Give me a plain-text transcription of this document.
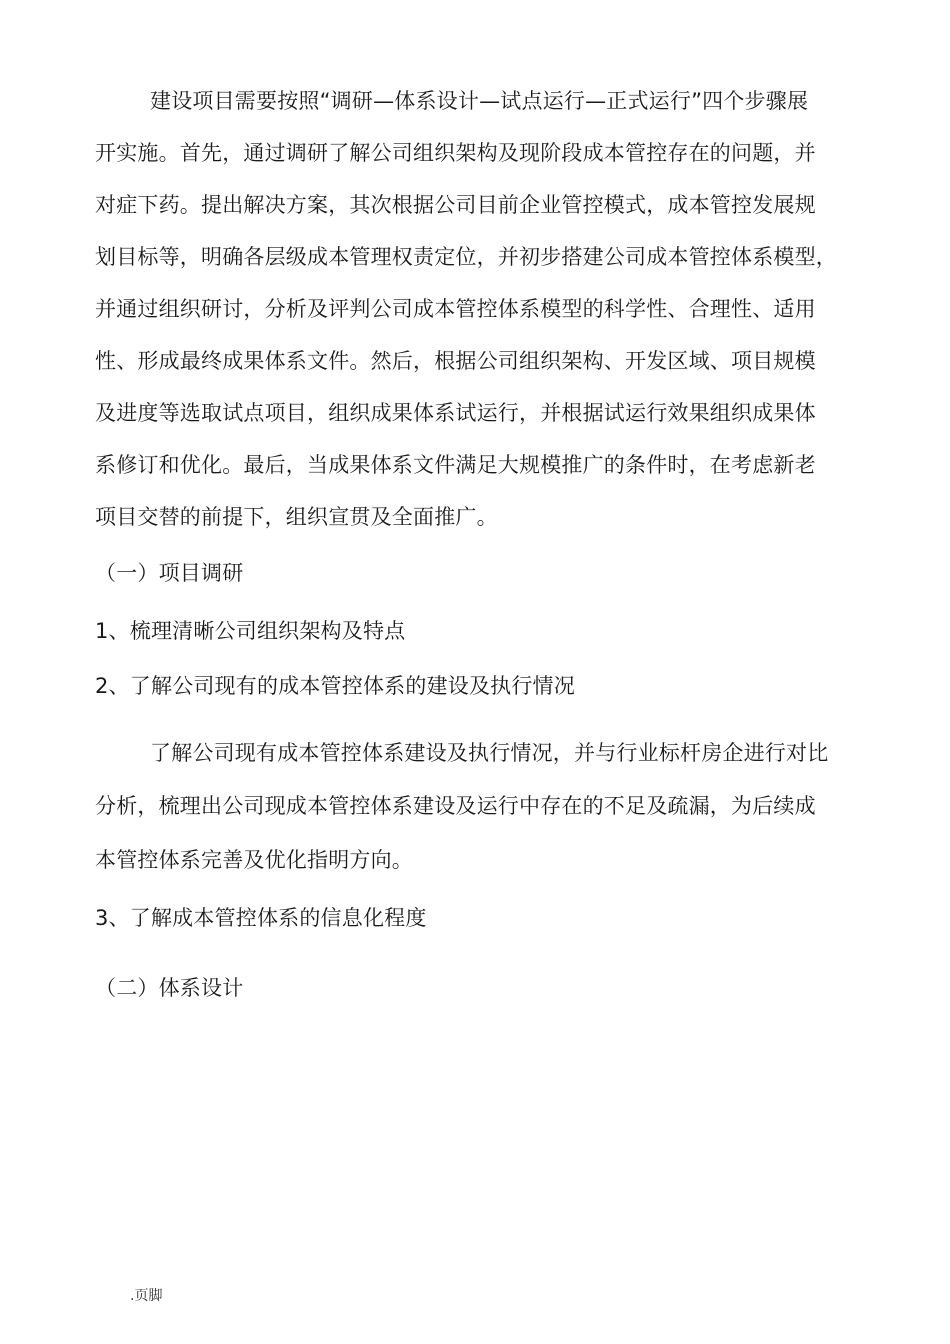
建设项目需要按照“调研—体系设计—试点运行—正式运行”四个步骤展
开实施。首先，通过调研了解公司组织架构及现阶段成本管控存在的问题，并
对症下药。提出解决方案，其次根据公司目前企业管控模式，成本管控发展规
划目标等，明确各层级成本管理权责定位，并初步搭建公司成本管控体系模型，
并通过组织研讨，分析及评判公司成本管控体系模型的科学性、合理性、适用
性、形成最终成果体系文件。然后，根据公司组织架构、开发区域、项目规模
及进度等选取试点项目，组织成果体系试运行，并根据试运行效果组织成果体
系修订和优化。最后，当成果体系文件满足大规模推广的条件时，在考虑新老
项目交替的前提下，组织宣贯及全面推广。
（一）项目调研
1、梳理清晰公司组织架构及特点
2、了解公司现有的成本管控体系的建设及执行情况
了解公司现有成本管控体系建设及执行情况，并与行业标杆房企进行对比
分析，梳理出公司现成本管控体系建设及运行中存在的不足及疏漏，为后续成
本管控体系完善及优化指明方向。
3、了解成本管控体系的信息化程度
（二）体系设计
.页脚
